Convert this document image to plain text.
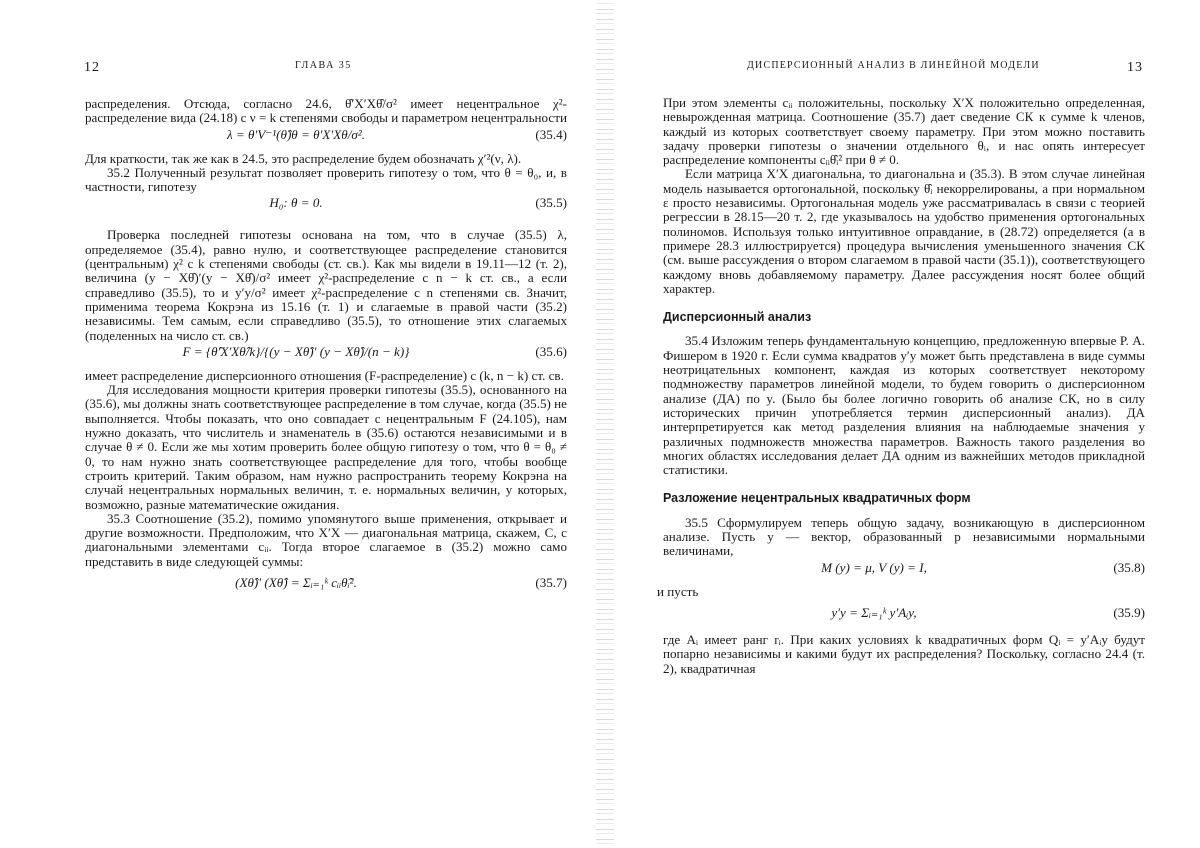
12	ГЛАВА 35

распределения. Отсюда, согласно 24.6, θ̂′X′Xθ̂/σ² имеет нецентральное χ²-распределение вида (24.18) с ν = k степенями свободы и параметром нецентральности

λ = θ′V⁻¹(θ̂)θ = θ′X′Xθ/σ².	(35.4)

Для краткости, так же как в 24.5, это распределение будем обозначать χ′²(ν, λ).

35.2 Полученный результат позволяет проверить гипотезу о том, что θ = θ₀, и, в частности, гипотезу

H₀: θ = 0.	(35.5)

Проверка последней гипотезы основана на том, что в случае (35.5) λ, определяемое (35.4), равно нулю, и соответствующее распределение становится (центральным) χ² с k степенями свободы (ст. св.). Как мы видели в 19.11—12 (т. 2), величина (y − Xθ̂)′(y − Xθ̂)/σ² имеет χ²-распределение с n − k ст. св., а если справедливо (35.5), то и y′y/σ² имеет χ²-распределение с n степенями св. Значит, применима теорема Кокрэна из 15.16 (т. 1) и слагаемые в правой части (35.2) независимы. Тем самым, если справедливо (35.5), то отношение этих слагаемых (поделенных на число ст. св.)

F = {θ̂′X′Xθ̂/k}/{(y − Xθ̂)′ (y − Xθ̂)/(n − k)}	(35.6)

имеет распределение дисперсионного отношения (F-распределение) с (k, n − k) ст. св.

Для исследования мощности критерия проверки гипотезы (35.5), основанного на (35.6), мы должны знать соответствующее распределение в том случае, когда (35.5) не выполняется. Чтобы показать, что оно совпадает с нецентральным F (24.105), нам нужно доказать, что числитель и знаменатель в (35.6) остаются независимыми и в случае θ ≠ 0. Если же мы хотим проверить более общую гипотезу о том, что θ = θ₀ ≠ 0, то нам нужно знать соответствующее распределение для того, чтобы вообще строить критерий. Таким образом, нам нужно распространить теорему Кокрэна на случай нецентральных нормальных величин, т. е. нормальных величин, у которых, возможно, разные математические ожидания.

35.3 Соотношение (35.2), помимо упомянутого выше применения, открывает и другие возможности. Предположим, что X′X — диагональная матрица, скажем, C, с диагональными элементами cᵢᵢ. Тогда второе слагаемое в (35.2) можно само представить в виде следующей суммы:

(Xθ̂)′ (Xθ̂) = Σᵢ₌₁ᵏ cᵢᵢθ̂ᵢ².	(35.7)
ДИСПЕРСИОННЫЙ АНАЛИЗ В ЛИНЕЙНОЙ МОДЕЛИ	13

При этом элементы cᵢᵢ положительны, поскольку X′X положительно определенная, невырожденная матрица. Соотношение (35.7) дает сведение СК к сумме k членов, каждый из которых соответствует своему параметру. При этом можно поставить задачу проверки гипотезы о значении отдельного θᵢ, и нас опять интересует распределение компоненты cᵢᵢθ̂ᵢ² при θ ≠ 0.

Если матрица X′X диагональна, то диагональна и (35.3). В этом случае линейная модель называется ортогональной, поскольку θ̂ᵢ некоррелированы, а при нормальном ε просто независимы. Ортогональная модель уже рассматривалась в связи с теорией регрессии в 28.15—20 т. 2, где указывалось на удобство применения ортогональных полиномов. Используя только интуитивное оправдание, в (28.72) определяется (а в примере 28.3 иллюстрируется) процедура вычисления уменьшенного значения СК (см. выше рассуждения о втором слагаемом в правой части (35.1)), соответствующего каждому вновь добавляемому параметру. Далее рассуждения носят более общий характер.

Дисперсионный анализ

35.4 Изложим теперь фундаментальную концепцию, предложенную впервые Р. А. Фишером в 1920 г. Если сумма квадратов y′y может быть представлена в виде суммы неотрицательных компонент, каждая из которых соответствует некоторому подмножеству параметров линейной модели, то будем говорить о дисперсионном анализе (ДА) по y. (Было бы более логично говорить об анализе СК, но в силу исторических причин употребляется термин дисперсионный анализ). ДА интерпретируется как метод разделения влияния на наблюдаемые значения y различных подмножеств множества параметров. Важность такого разделения во многих областях исследования делает ДА одним из важнейших методов прикладной статистики.

Разложение нецентральных квадратичных форм

35.5 Сформулируем теперь общую задачу, возникающую в дисперсионном анализе. Пусть y — вектор, образованный p независимыми нормальными величинами,

M (y) = μ, V (y) = I,	(35.8)

и пусть

y′y = Σᵢ₌₁ᵏ y′Aᵢy,	(35.9)

где Aᵢ имеет ранг rᵢ. При каких условиях k квадратичных форм Qᵢ = y′Aᵢy будут попарно независимы и какими будут их распределения? Поскольку, согласно 24.4 (т. 2), квадратичная
